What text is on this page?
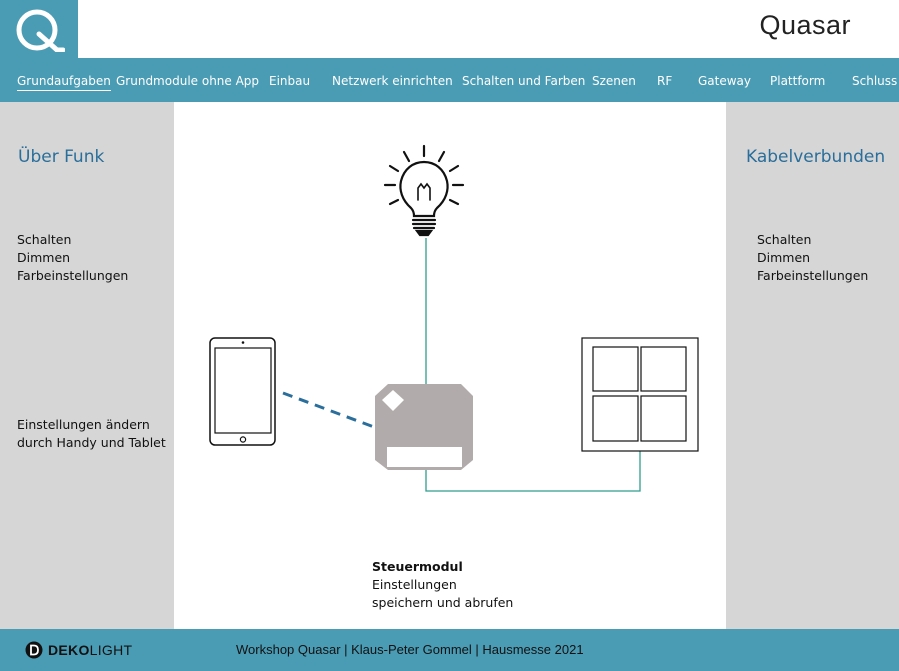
Quasar
Grundaufgaben Grundmodule ohne App Einbau Netzwerk einrichten Schalten und Farben Szenen RF Gateway Plattform Schluss
Über Funk
Schalten
Dimmen
Farbeinstellungen
Einstellungen ändern durch Handy und Tablet
Kabelverbunden
Schalten
Dimmen
Farbeinstellungen
Steuermodul
Einstellungen
speichern und abrufen
DEKOLIGHT	Workshop Quasar | Klaus-Peter Gommel | Hausmesse 2021
